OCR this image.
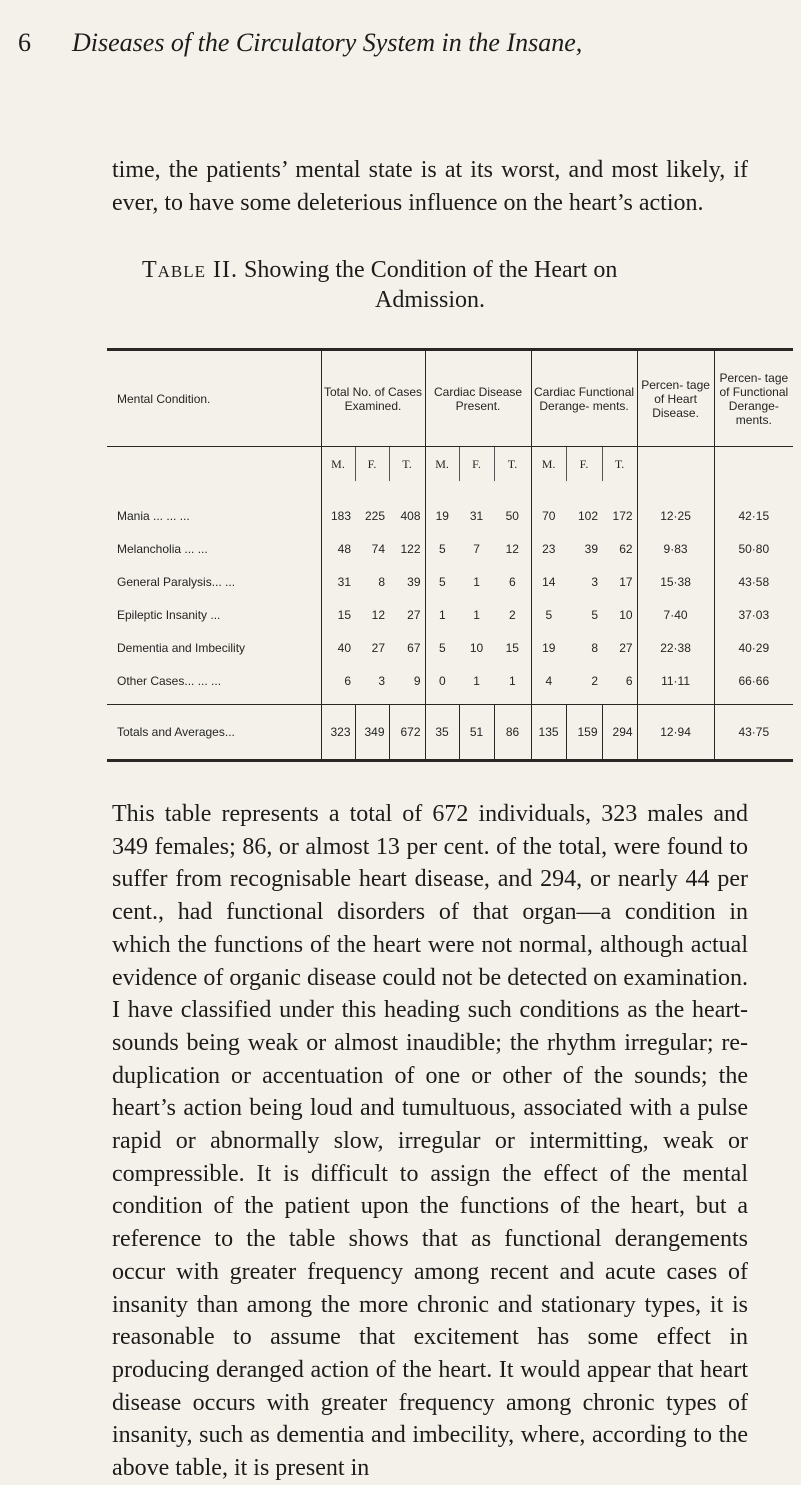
6 Diseases of the Circulatory System in the Insane,

time, the patients’ mental state is at its worst, and most likely, if ever, to have some deleterious influence on the heart’s action.

Table II. Showing the Condition of the Heart on
Admission.
Mental Condition.	Total No. of Cases Examined.			Cardiac Disease Present.			Cardiac Functional Derange- ments.			Percen- tage of Heart Disease.	Percen- tage of Functional Derange- ments.
	M.	F.	T.	M.	F.	T.	M.	F.	T.		
Mania ... ... ...	183	225	408	19	31	50	70	102	172	12·25	42·15
Melancholia ... ...	48	74	122	5	7	12	23	39	62	9·83	50·80
General Paralysis... ...	31	8	39	5	1	6	14	3	17	15·38	43·58
Epileptic Insanity ...	15	12	27	1	1	2	5	5	10	7·40	37·03
Dementia and Imbecility	40	27	67	5	10	15	19	8	27	22·38	40·29
Other Cases... ... ...	6	3	9	0	1	1	4	2	6	11·11	66·66

Totals and Averages...	323	349	672	35	51	86	135	159	294	12·94	43·75

This table represents a total of 672 individuals, 323 males and 349 females; 86, or almost 13 per cent. of the total, were found to suffer from recognisable heart disease, and 294, or nearly 44 per cent., had functional disorders of that organ—a condition in which the functions of the heart were not normal, although actual evidence of organic disease could not be detected on examination. I have classified under this heading such conditions as the heart-sounds being weak or almost inaudible; the rhythm irregular; re-duplication or accentuation of one or other of the sounds; the heart’s action being loud and tumultuous, associated with a pulse rapid or abnormally slow, irregular or intermitting, weak or compressible. It is difficult to assign the effect of the mental condition of the patient upon the functions of the heart, but a reference to the table shows that as functional derangements occur with greater frequency among recent and acute cases of insanity than among the more chronic and stationary types, it is reasonable to assume that excitement has some effect in producing deranged action of the heart. It would appear that heart disease occurs with greater frequency among chronic types of insanity, such as dementia and imbecility, where, according to the above table, it is present in
